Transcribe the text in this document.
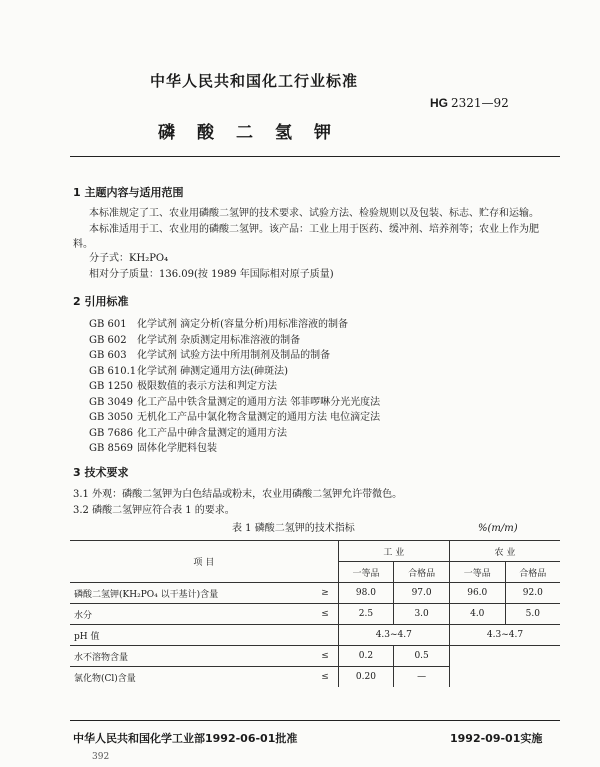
中华人民共和国化工行业标准
HG 2321—92
磷酸二氢钾
1 主题内容与适用范围
本标准规定了工、农业用磷酸二氢钾的技术要求、试验方法、检验规则以及包装、标志、贮存和运输。
本标准适用于工、农业用的磷酸二氢钾。该产品：工业上用于医药、缓冲剂、培养剂等；农业上作为肥料。
分子式：KH₂PO₄
相对分子质量：136.09(按 1989 年国际相对原子质量)
2 引用标准
GB 601 化学试剂 滴定分析(容量分析)用标准溶液的制备
GB 602 化学试剂 杂质测定用标准溶液的制备
GB 603 化学试剂 试验方法中所用制剂及制品的制备
GB 610.1化学试剂 砷测定通用方法(砷斑法)
GB 1250 极限数值的表示方法和判定方法
GB 3049 化工产品中铁含量测定的通用方法 邻菲啰啉分光光度法
GB 3050 无机化工产品中氯化物含量测定的通用方法 电位滴定法
GB 7686 化工产品中砷含量测定的通用方法
GB 8569 固体化学肥料包装
3 技术要求
3.1 外观：磷酸二氢钾为白色结晶或粉末，农业用磷酸二氢钾允许带微色。
3.2 磷酸二氢钾应符合表 1 的要求。
表 1 磷酸二氢钾的技术指标	%(m/m)
项 目		工 业		农 业	
		一等品	合格品	一等品	合格品
磷酸二氢钾(KH₂PO₄ 以干基计)含量	≥	98.0	97.0	96.0	92.0
水分	≤	2.5	3.0	4.0	5.0
pH 值		4.3~4.7		4.3~4.7	
水不溶物含量	≤	0.2	0.5		
氯化物(Cl)含量	≤	0.20	—		
中华人民共和国化学工业部1992-06-01批准	1992-09-01实施
392
